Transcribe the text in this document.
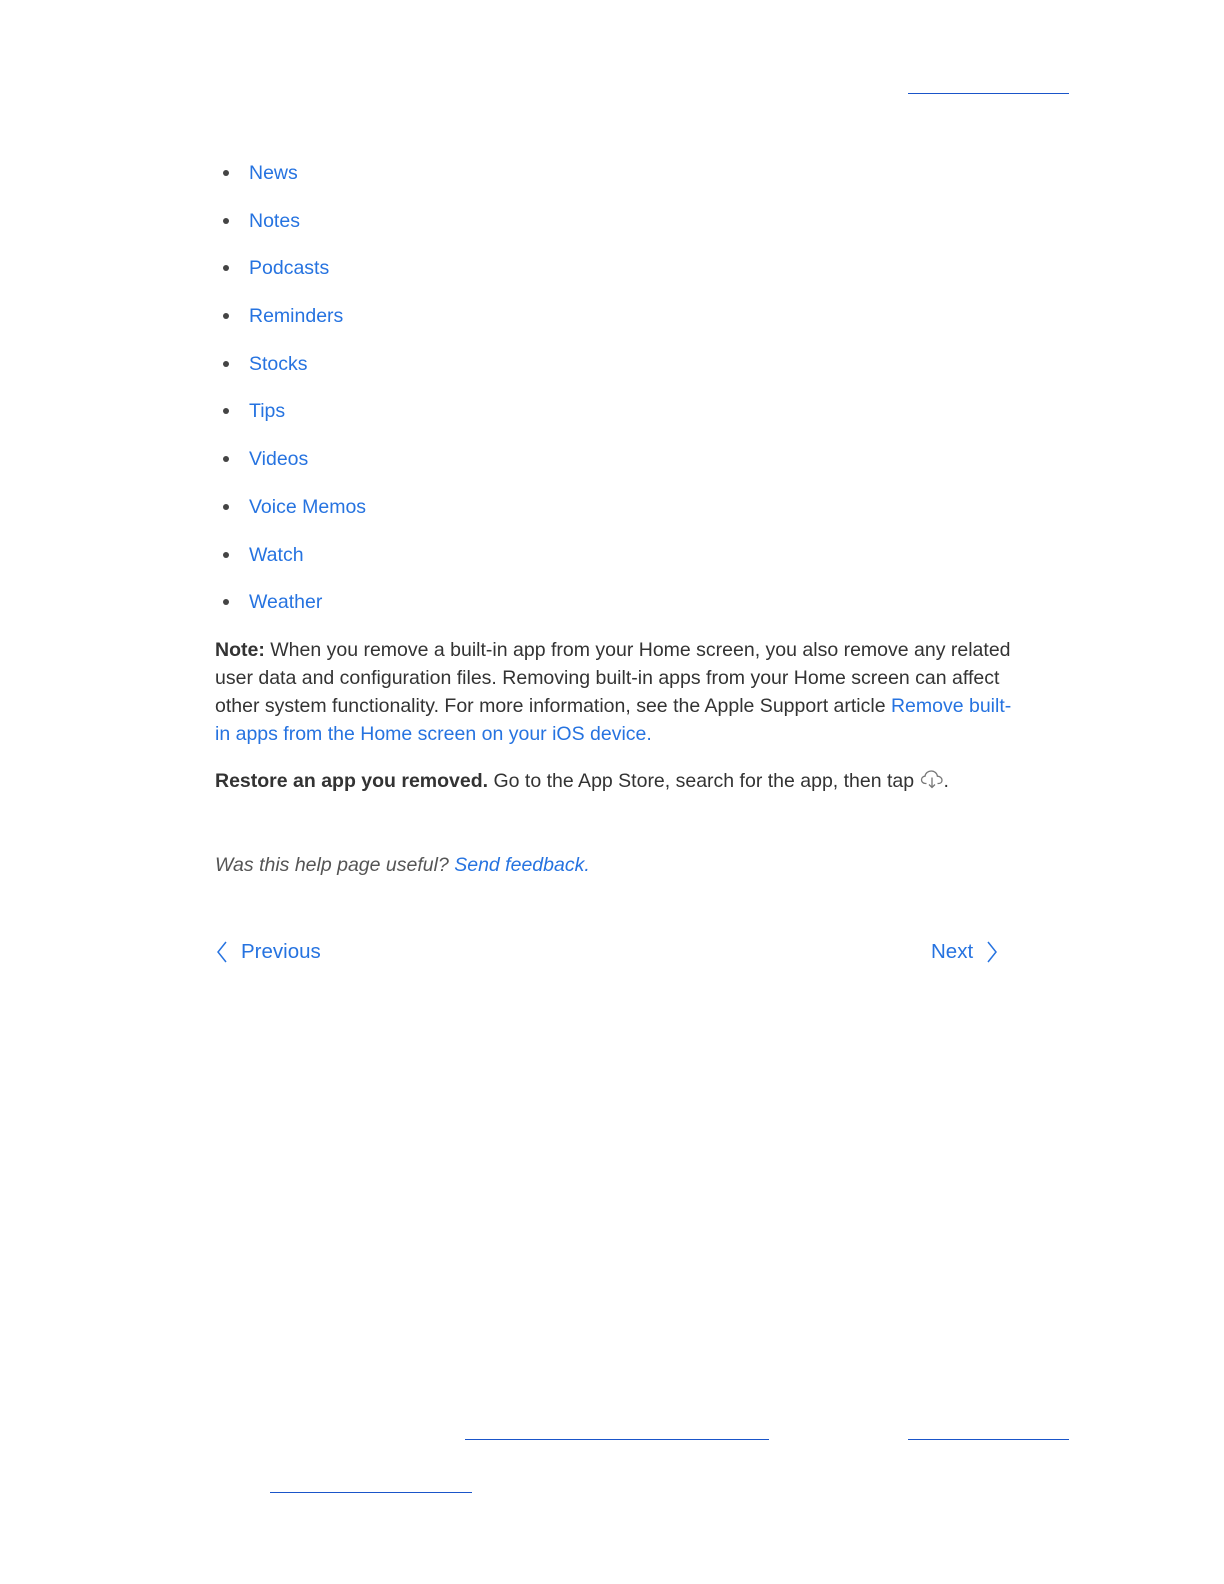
News
Notes
Podcasts
Reminders
Stocks
Tips
Videos
Voice Memos
Watch
Weather

Note: When you remove a built-in app from your Home screen, you also remove any related user data and configuration files. Removing built-in apps from your Home screen can affect other system functionality. For more information, see the Apple Support article Remove built-in apps from the Home screen on your iOS device.

Restore an app you removed. Go to the App Store, search for the app, then tap .

Was this help page useful? Send feedback.

Previous	Next
